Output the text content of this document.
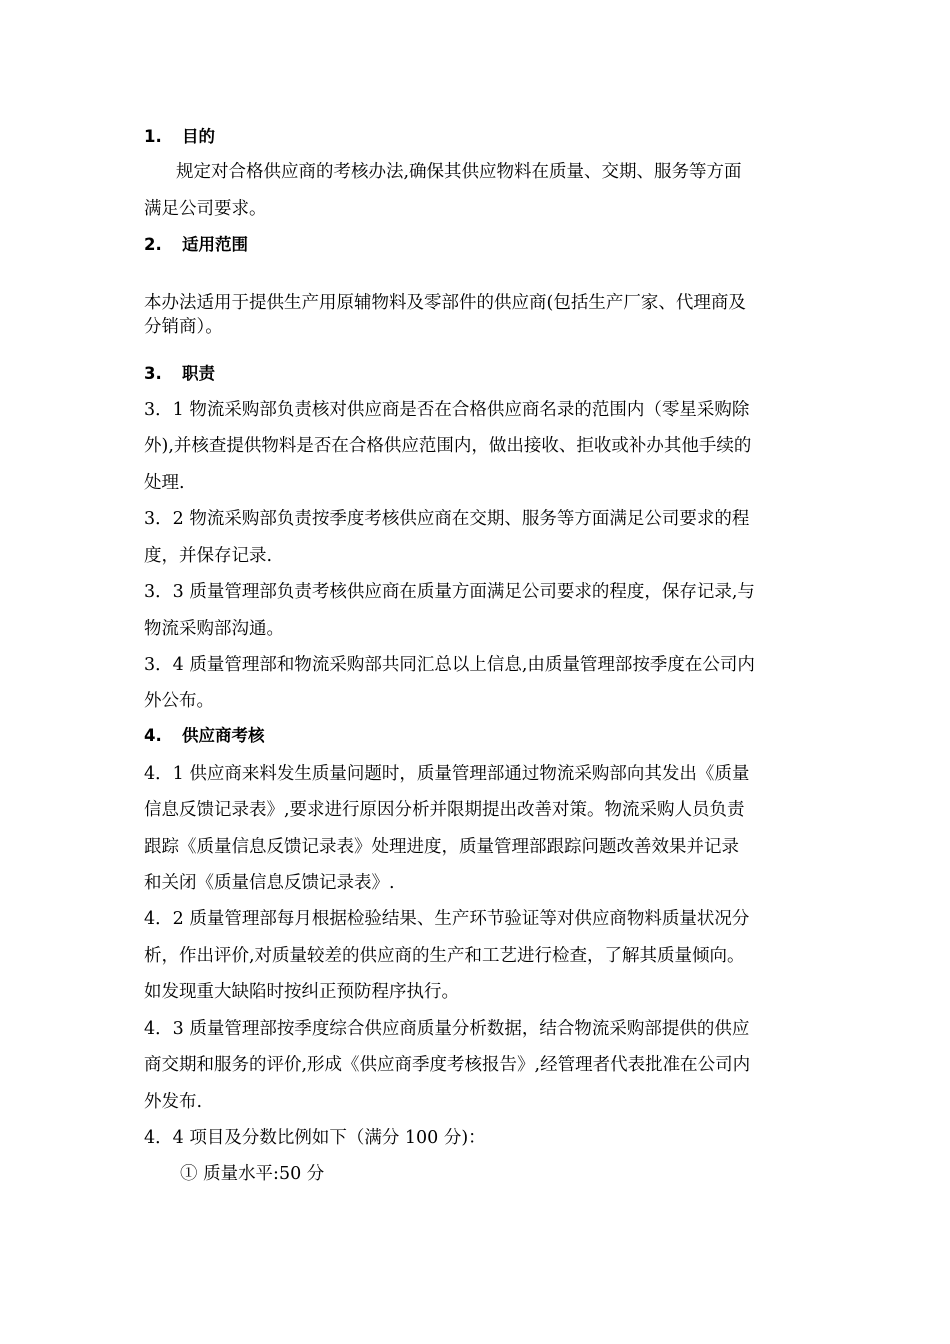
1. 目的
规定对合格供应商的考核办法,确保其供应物料在质量、交期、服务等方面
满足公司要求。
2. 适用范围
本办法适用于提供生产用原辅物料及零部件的供应商(包括生产厂家、代理商及
分销商）。
3. 职责
3．1 物流采购部负责核对供应商是否在合格供应商名录的范围内（零星采购除
外),并核查提供物料是否在合格供应范围内，做出接收、拒收或补办其他手续的
处理.
3．2 物流采购部负责按季度考核供应商在交期、服务等方面满足公司要求的程
度，并保存记录.
3．3 质量管理部负责考核供应商在质量方面满足公司要求的程度，保存记录,与
物流采购部沟通。
3．4 质量管理部和物流采购部共同汇总以上信息,由质量管理部按季度在公司内
外公布。
4. 供应商考核
4．1 供应商来料发生质量问题时，质量管理部通过物流采购部向其发出《质量
信息反馈记录表》,要求进行原因分析并限期提出改善对策。物流采购人员负责
跟踪《质量信息反馈记录表》处理进度，质量管理部跟踪问题改善效果并记录
和关闭《质量信息反馈记录表》.
4．2 质量管理部每月根据检验结果、生产环节验证等对供应商物料质量状况分
析，作出评价,对质量较差的供应商的生产和工艺进行检查，了解其质量倾向。
如发现重大缺陷时按纠正预防程序执行。
4．3 质量管理部按季度综合供应商质量分析数据，结合物流采购部提供的供应
商交期和服务的评价,形成《供应商季度考核报告》,经管理者代表批准在公司内
外发布.
4．4 项目及分数比例如下（满分 100 分)：
① 质量水平:50 分
